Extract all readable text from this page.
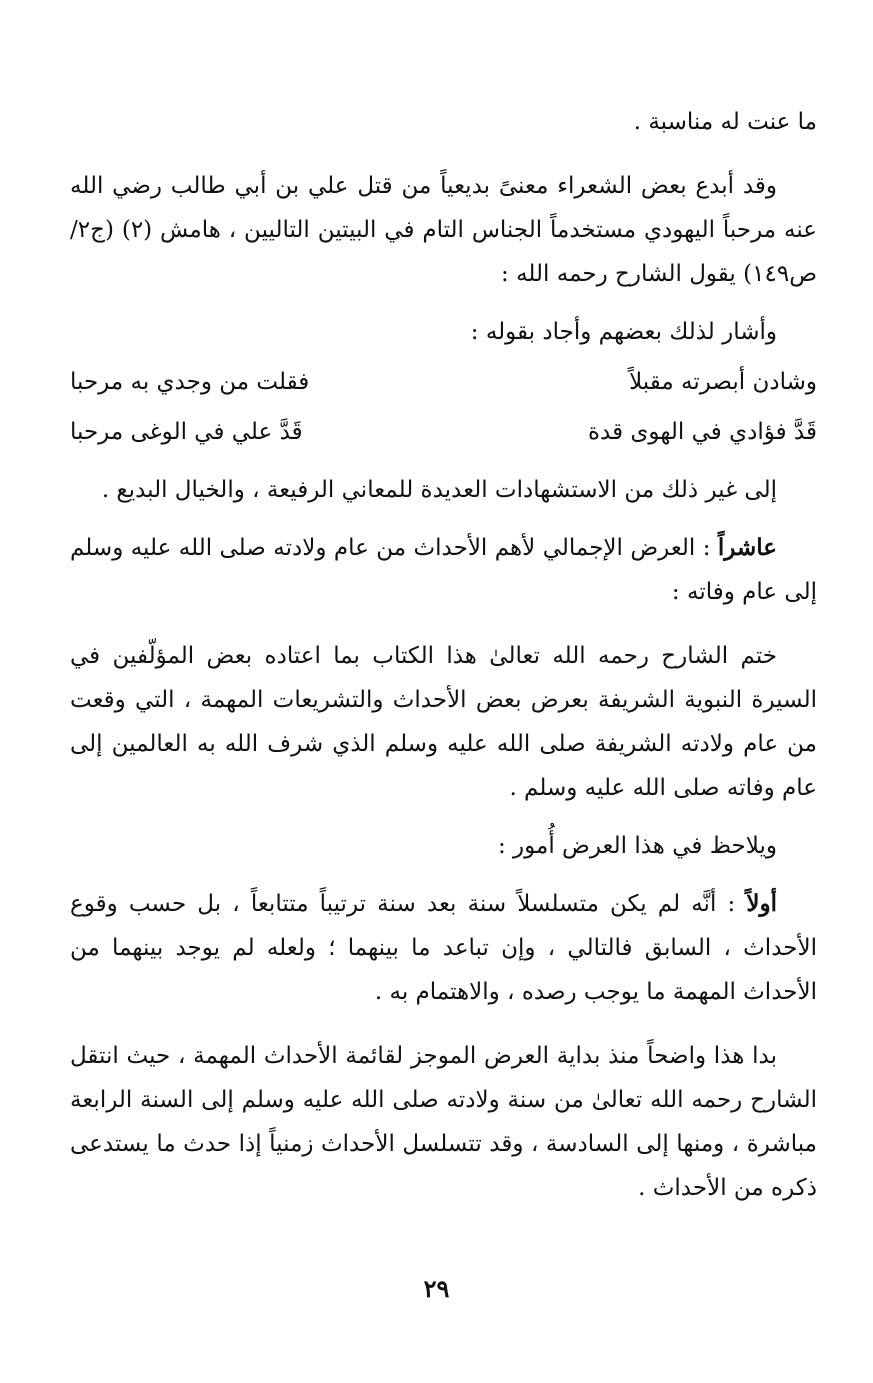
ما عنت له مناسبة .

وقد أبدع بعض الشعراء معنىً بديعياً من قتل علي بن أبي طالب رضي الله عنه مرحباً اليهودي مستخدماً الجناس التام في البيتين التاليين ، هامش (٢) (ج٢/ ص١٤٩) يقول الشارح رحمه الله :

وأشار لذلك بعضهم وأجاد بقوله :

وشادن أبصرته مقبلاً
فقلت من وجدي به مرحبا
قَدَّ فؤادي في الهوى قدة
قَدَّ علي في الوغى مرحبا

إلى غير ذلك من الاستشهادات العديدة للمعاني الرفيعة ، والخيال البديع .

عاشراً : العرض الإجمالي لأهم الأحداث من عام ولادته صلى الله عليه وسلم إلى عام وفاته :

ختم الشارح رحمه الله تعالىٰ هذا الكتاب بما اعتاده بعض المؤلّفين في السيرة النبوية الشريفة بعرض بعض الأحداث والتشريعات المهمة ، التي وقعت من عام ولادته الشريفة صلى الله عليه وسلم الذي شرف الله به العالمين إلى عام وفاته صلى الله عليه وسلم .

ويلاحظ في هذا العرض أُمور :

أولاً : أنَّه لم يكن متسلسلاً سنة بعد سنة ترتيباً متتابعاً ، بل حسب وقوع الأحداث ، السابق فالتالي ، وإن تباعد ما بينهما ؛ ولعله لم يوجد بينهما من الأحداث المهمة ما يوجب رصده ، والاهتمام به .

بدا هذا واضحاً منذ بداية العرض الموجز لقائمة الأحداث المهمة ، حيث انتقل الشارح رحمه الله تعالىٰ من سنة ولادته صلى الله عليه وسلم إلى السنة الرابعة مباشرة ، ومنها إلى السادسة ، وقد تتسلسل الأحداث زمنياً إذا حدث ما يستدعى ذكره من الأحداث .

٢٩
